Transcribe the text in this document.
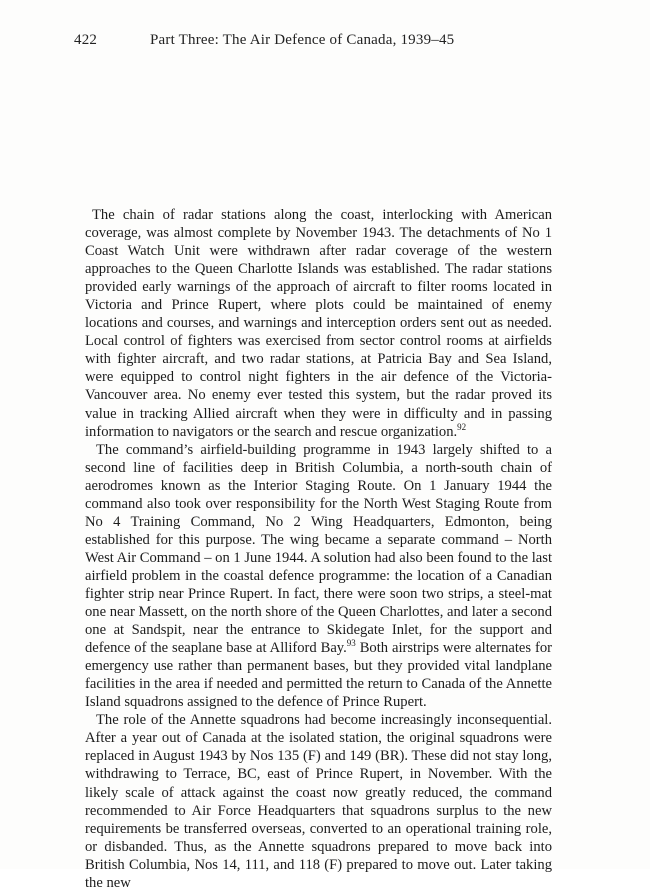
422	Part Three: The Air Defence of Canada, 1939–45

The chain of radar stations along the coast, interlocking with American coverage, was almost complete by November 1943. The detachments of No 1 Coast Watch Unit were withdrawn after radar coverage of the western approaches to the Queen Charlotte Islands was established. The radar stations provided early warnings of the approach of aircraft to filter rooms located in Victoria and Prince Rupert, where plots could be maintained of enemy locations and courses, and warnings and interception orders sent out as needed. Local control of fighters was exercised from sector control rooms at airfields with fighter aircraft, and two radar stations, at Patricia Bay and Sea Island, were equipped to control night fighters in the air defence of the Victoria-Vancouver area. No enemy ever tested this system, but the radar proved its value in tracking Allied aircraft when they were in difficulty and in passing information to navigators or the search and rescue organization.$^{92}$

The command’s airfield-building programme in 1943 largely shifted to a second line of facilities deep in British Columbia, a north-south chain of aerodromes known as the Interior Staging Route. On 1 January 1944 the command also took over responsibility for the North West Staging Route from No 4 Training Command, No 2 Wing Headquarters, Edmonton, being established for this purpose. The wing became a separate command – North West Air Command – on 1 June 1944. A solution had also been found to the last airfield problem in the coastal defence programme: the location of a Canadian fighter strip near Prince Rupert. In fact, there were soon two strips, a steel-mat one near Massett, on the north shore of the Queen Charlottes, and later a second one at Sandspit, near the entrance to Skidegate Inlet, for the support and defence of the seaplane base at Alliford Bay.$^{93}$ Both airstrips were alternates for emergency use rather than permanent bases, but they provided vital landplane facilities in the area if needed and permitted the return to Canada of the Annette Island squadrons assigned to the defence of Prince Rupert.

The role of the Annette squadrons had become increasingly inconsequential. After a year out of Canada at the isolated station, the original squadrons were replaced in August 1943 by Nos 135 (F) and 149 (BR). These did not stay long, withdrawing to Terrace, BC, east of Prince Rupert, in November. With the likely scale of attack against the coast now greatly reduced, the command recommended to Air Force Headquarters that squadrons surplus to the new requirements be transferred overseas, converted to an operational training role, or disbanded. Thus, as the Annette squadrons prepared to move back into British Columbia, Nos 14, 111, and 118 (F) prepared to move out. Later taking the new
